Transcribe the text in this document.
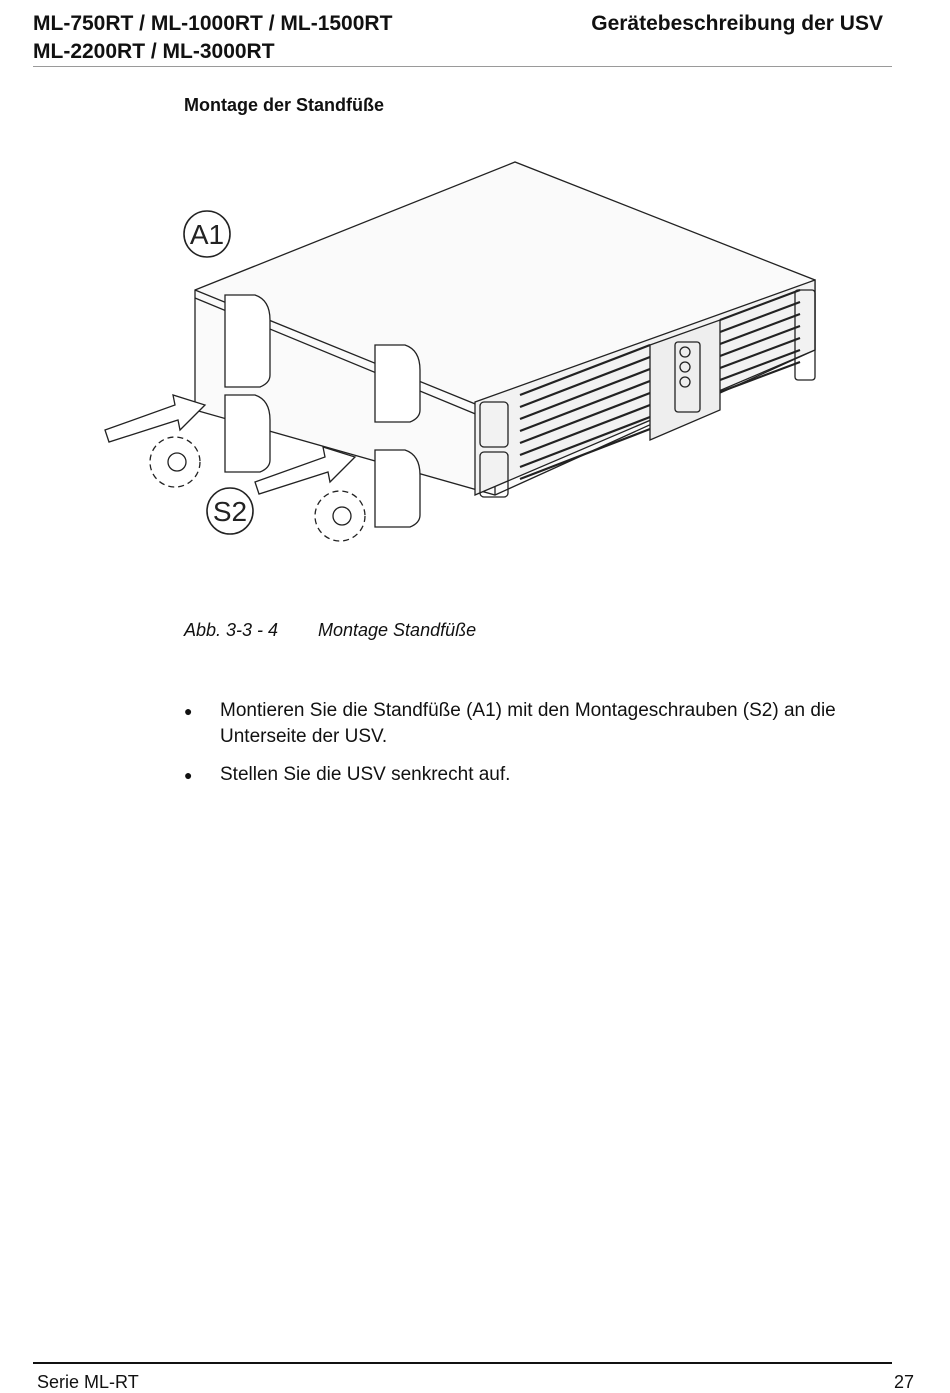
ML-750RT / ML-1000RT / ML-1500RT
ML-2200RT / ML-3000RT
Gerätebeschreibung der USV
Montage der Standfüße
A1
S2
Abb. 3-3 - 4 Montage Standfüße
● Montieren Sie die Standfüße (A1) mit den Montageschrauben (S2) an die Unterseite der USV.
● Stellen Sie die USV senkrecht auf.
Serie ML-RT	27
